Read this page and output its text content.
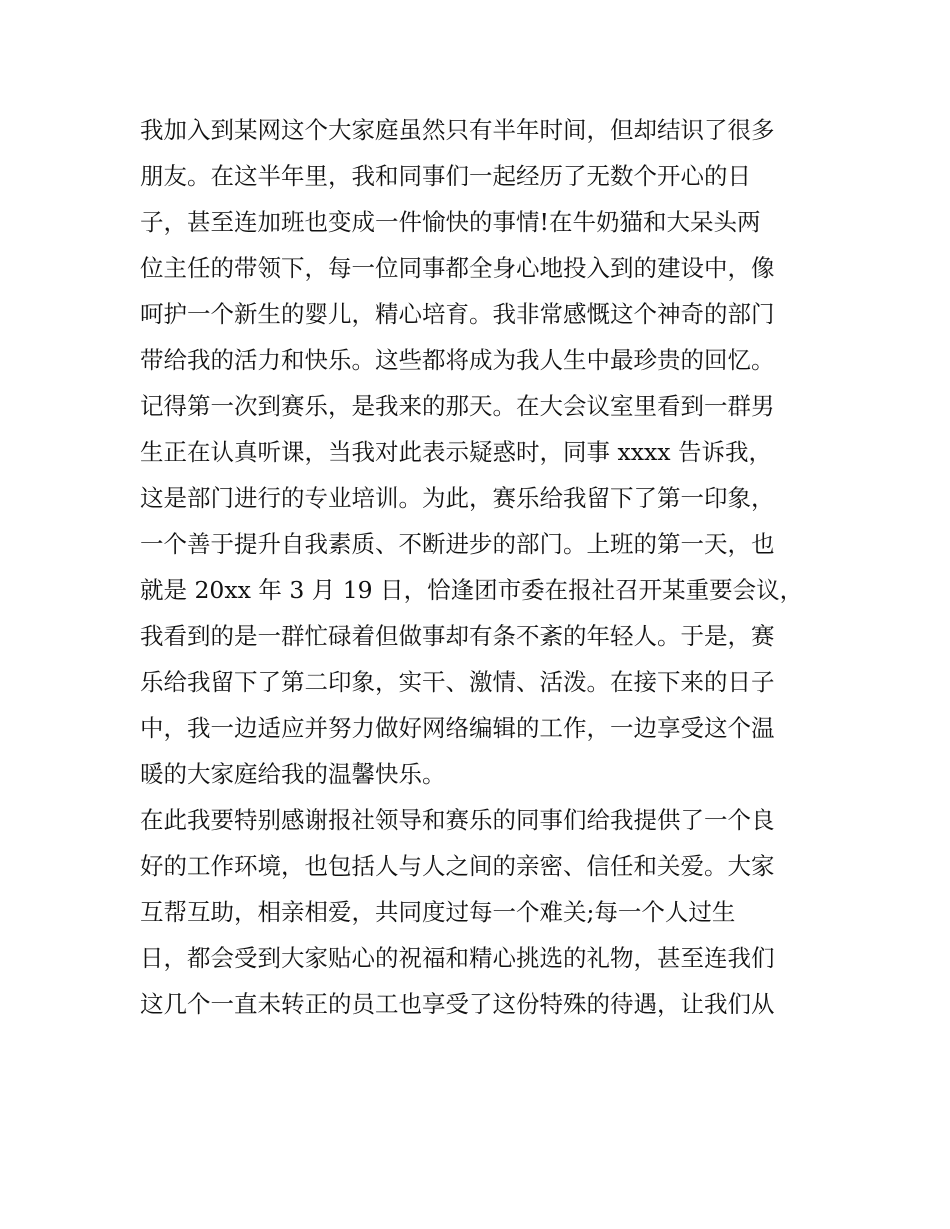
我加入到某网这个大家庭虽然只有半年时间，但却结识了很多
朋友。在这半年里，我和同事们一起经历了无数个开心的日
子，甚至连加班也变成一件愉快的事情!在牛奶猫和大呆头两
位主任的带领下，每一位同事都全身心地投入到的建设中，像
呵护一个新生的婴儿，精心培育。我非常感慨这个神奇的部门
带给我的活力和快乐。这些都将成为我人生中最珍贵的回忆。
记得第一次到赛乐，是我来的那天。在大会议室里看到一群男
生正在认真听课，当我对此表示疑惑时，同事 xxxx 告诉我，
这是部门进行的专业培训。为此，赛乐给我留下了第一印象，
一个善于提升自我素质、不断进步的部门。上班的第一天，也
就是 20xx 年 3 月 19 日，恰逢团市委在报社召开某重要会议，
我看到的是一群忙碌着但做事却有条不紊的年轻人。于是，赛
乐给我留下了第二印象，实干、激情、活泼。在接下来的日子
中，我一边适应并努力做好网络编辑的工作，一边享受这个温
暖的大家庭给我的温馨快乐。
在此我要特别感谢报社领导和赛乐的同事们给我提供了一个良
好的工作环境，也包括人与人之间的亲密、信任和关爱。大家
互帮互助，相亲相爱，共同度过每一个难关;每一个人过生
日，都会受到大家贴心的祝福和精心挑选的礼物，甚至连我们
这几个一直未转正的员工也享受了这份特殊的待遇，让我们从
